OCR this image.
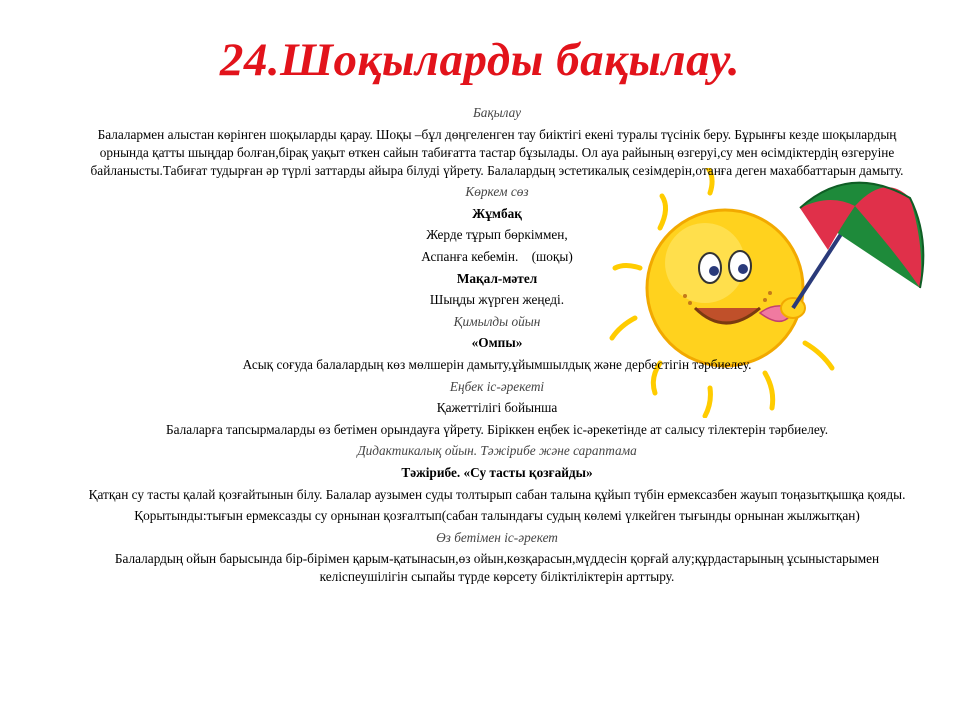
24.Шоқыларды бақылау.

Бақылау

Балалармен алыстан көрінген шоқыларды қарау. Шоқы –бұл дөңгеленген тау биіктігі екені туралы түсінік беру. Бұрынғы кезде шоқылардың орнында қатты шыңдар болған,бірақ уақыт өткен сайын табиғатта тастар бұзылады. Ол ауа райының өзгеруі,су мен өсімдіктердің өзгеруіне байланысты.Табиғат тудырған әр түрлі заттарды айыра білуді үйрету. Балалардың эстетикалық сезімдерін,отанға деген махаббаттарын дамыту.

Көркем сөз

Жұмбақ

Жерде тұрып бөркіммен,

Аспанға кебемін.    (шоқы)

Мақал-мәтел

Шыңды жүрген жеңеді.

Қимылды ойын

«Омпы»

Асық соғуда балалардың көз мөлшерін дамыту,ұйымшылдық және дербестігін тәрбиелеу.

Еңбек іс-әрекеті

Қажеттілігі бойынша

Балаларға тапсырмаларды өз бетімен орындауға үйрету. Біріккен еңбек іс-әрекетінде ат салысу тілектерін тәрбиелеу.

Дидактикалық ойын. Тәжірибе және сараптама

Тәжірибе. «Су тасты қозғайды»

Қатқан су тасты қалай қозғайтынын білу. Балалар аузымен суды толтырып сабан талына құйып түбін ермексазбен жауып тоңазытқышқа қояды.

Қорытынды:тығын ермексазды су орнынан қозғалтып(сабан талындағы судың көлемі үлкейген тығынды орнынан жылжытқан)

Өз бетімен іс-әрекет

Балалардың ойын барысында бір-бірімен қарым-қатынасын,өз ойын,көзқарасын,мүддесін қорғай алу;құрдастарының ұсыныстарымен келіспеушілігін сыпайы түрде көрсету біліктіліктерін арттыру.
